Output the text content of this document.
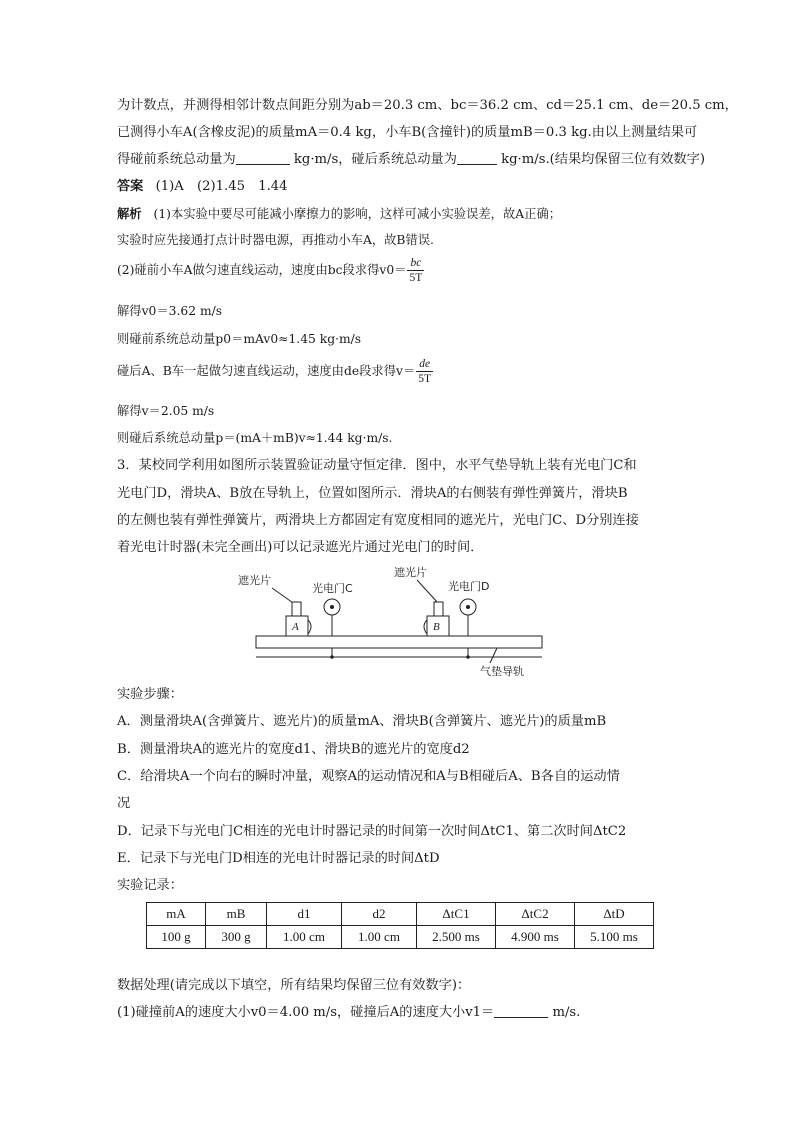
为计数点，并测得相邻计数点间距分别为ab＝20.3 cm、bc＝36.2 cm、cd＝25.1 cm、de＝20.5 cm，
已测得小车A(含橡皮泥)的质量mA＝0.4 kg，小车B(含撞针)的质量mB＝0.3 kg.由以上测量结果可
得碰前系统总动量为	kg·m/s，碰后系统总动量为	kg·m/s.(结果均保留三位有效数字)
答案 (1)A　(2)1.45　1.44
解析 (1)本实验中要尽可能减小摩擦力的影响，这样可减小实验误差，故A正确；
实验时应先接通打点计时器电源，再推动小车A，故B错误.
(2)碰前小车A做匀速直线运动，速度由bc段求得$v0= \frac{bc}{5T}$
解得v0＝3.62 m/s
则碰前系统总动量p0＝mAv0≈1.45 kg·m/s
碰后A、B车一起做匀速直线运动，速度由de段求得$v= \frac{de}{5T}$
解得v＝2.05 m/s
则碰后系统总动量p＝(mA＋mB)v≈1.44 kg·m/s.
3．某校同学利用如图所示装置验证动量守恒定律．图中，水平气垫导轨上装有光电门C和
光电门D，滑块A、B放在导轨上，位置如图所示．滑块A的右侧装有弹性弹簧片，滑块B
的左侧也装有弹性弹簧片，两滑块上方都固定有宽度相同的遮光片，光电门C、D分别连接
着光电计时器(未完全画出)可以记录遮光片通过光电门的时间．
遮光片
A
光电门C
遮光片
B
光电门D
气垫导轨
实验步骤：
A．测量滑块A(含弹簧片、遮光片)的质量mA、滑块B(含弹簧片、遮光片)的质量mB
B．测量滑块A的遮光片的宽度d1、滑块B的遮光片的宽度d2
C．给滑块A一个向右的瞬时冲量，观察A的运动情况和A与B相碰后A、B各自的运动情
况
D．记录下与光电门C相连的光电计时器记录的时间第一次时间ΔtC1、第二次时间ΔtC2
E．记录下与光电门D相连的光电计时器记录的时间ΔtD
实验记录：
mA	mB	d1	d2	ΔtC1	ΔtC2	ΔtD
100 g	300 g	1.00 cm	1.00 cm	2.500 ms	4.900 ms	5.100 ms
数据处理(请完成以下填空，所有结果均保留三位有效数字)：
(1)碰撞前A的速度大小v0＝4.00 m/s，碰撞后A的速度大小v1＝	m/s.
